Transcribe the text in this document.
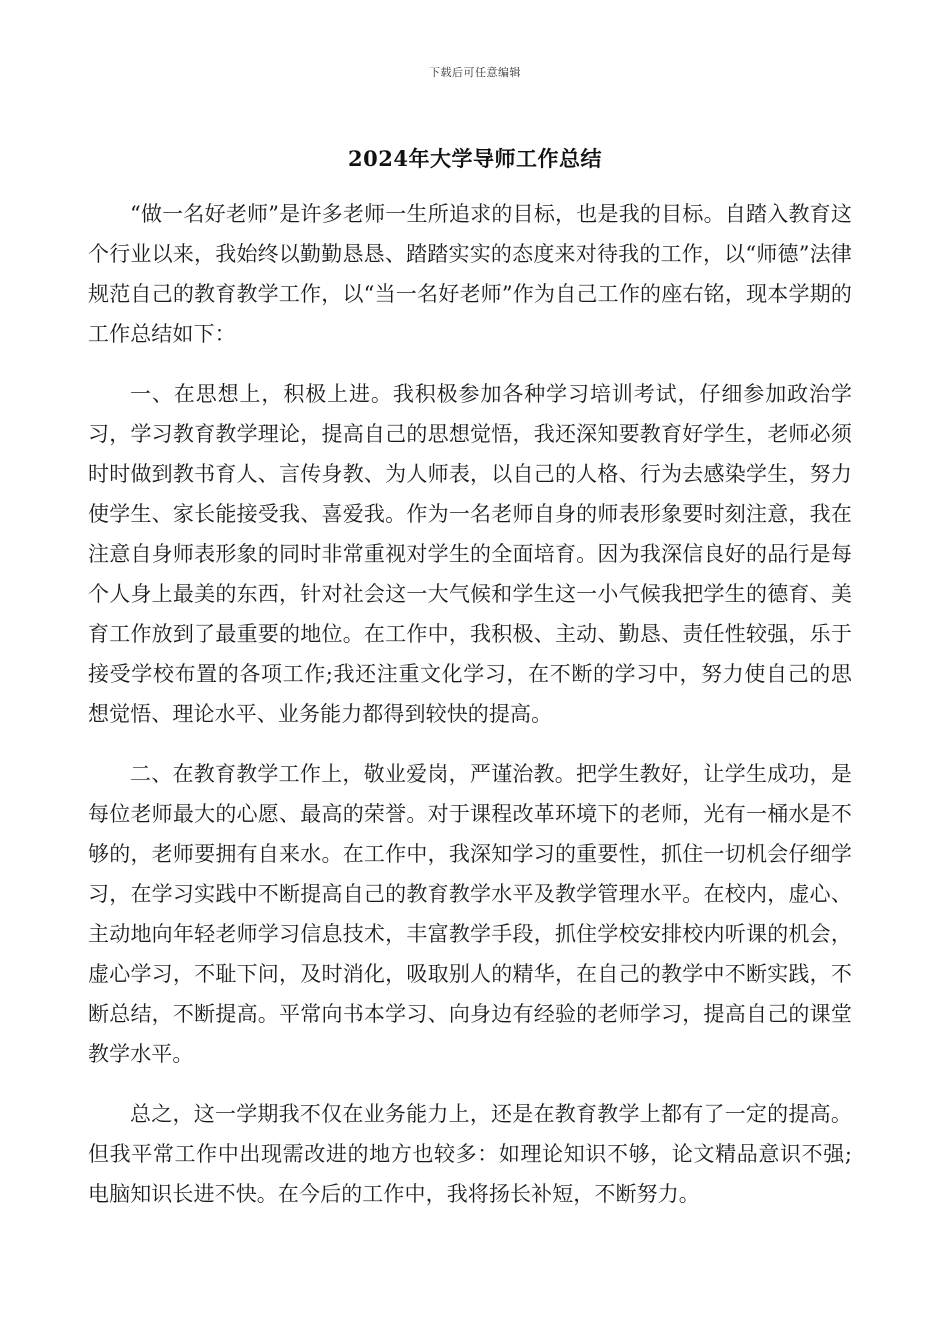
下载后可任意编辑
2024年大学导师工作总结

“做一名好老师”是许多老师一生所追求的目标，也是我的目标。自踏入教育这个行业以来，我始终以勤勤恳恳、踏踏实实的态度来对待我的工作，以“师德”法律规范自己的教育教学工作，以“当一名好老师”作为自己工作的座右铭，现本学期的工作总结如下：

一、在思想上，积极上进。我积极参加各种学习培训考试，仔细参加政治学习，学习教育教学理论，提高自己的思想觉悟，我还深知要教育好学生，老师必须时时做到教书育人、言传身教、为人师表，以自己的人格、行为去感染学生，努力使学生、家长能接受我、喜爱我。作为一名老师自身的师表形象要时刻注意，我在注意自身师表形象的同时非常重视对学生的全面培育。因为我深信良好的品行是每个人身上最美的东西，针对社会这一大气候和学生这一小气候我把学生的德育、美育工作放到了最重要的地位。在工作中，我积极、主动、勤恳、责任性较强，乐于接受学校布置的各项工作;我还注重文化学习，在不断的学习中，努力使自己的思想觉悟、理论水平、业务能力都得到较快的提高。

二、在教育教学工作上，敬业爱岗，严谨治教。把学生教好，让学生成功，是每位老师最大的心愿、最高的荣誉。对于课程改革环境下的老师，光有一桶水是不够的，老师要拥有自来水。在工作中，我深知学习的重要性，抓住一切机会仔细学习，在学习实践中不断提高自己的教育教学水平及教学管理水平。在校内，虚心、主动地向年轻老师学习信息技术，丰富教学手段，抓住学校安排校内听课的机会，虚心学习，不耻下问，及时消化，吸取别人的精华，在自己的教学中不断实践，不断总结，不断提高。平常向书本学习、向身边有经验的老师学习，提高自己的课堂教学水平。

总之，这一学期我不仅在业务能力上，还是在教育教学上都有了一定的提高。但我平常工作中出现需改进的地方也较多：如理论知识不够，论文精品意识不强;电脑知识长进不快。在今后的工作中，我将扬长补短，不断努力。
